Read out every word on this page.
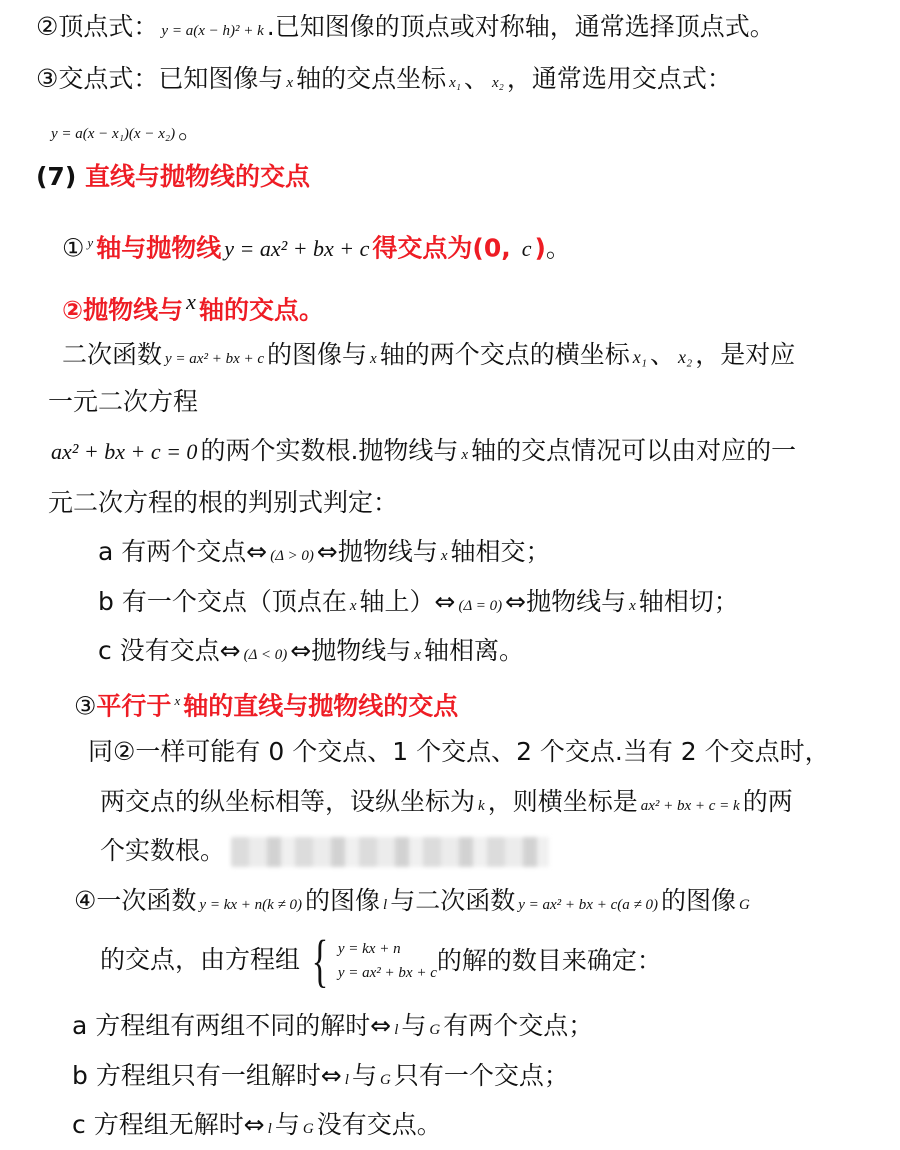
②顶点式： y = a(x − h)² + k .已知图像的顶点或对称轴，通常选择顶点式。
③交点式：已知图像与 x 轴的交点坐标 x₁ 、 x₂ ，通常选用交点式：
y = a(x − x₁)(x − x₂) 。
(7) 直线与抛物线的交点
① $^y$ 轴与抛物线 y = ax² + bx + c 得交点为(0, c )。
②抛物线与 x 轴的交点。
二次函数 y = ax² + bx + c 的图像与 x 轴的两个交点的横坐标 x₁ 、 x₂ ，是对应
一元二次方程
ax² + bx + c = 0 的两个实数根.抛物线与 x 轴的交点情况可以由对应的一
元二次方程的根的判别式判定：
a 有两个交点⇔ (Δ > 0) ⇔抛物线与 x 轴相交；
b 有一个交点（顶点在 x 轴上）⇔ (Δ = 0) ⇔抛物线与 x 轴相切；
c 没有交点⇔ (Δ < 0) ⇔抛物线与 x 轴相离。
③平行于 $^x$ 轴的直线与抛物线的交点
同②一样可能有 0 个交点、1 个交点、2 个交点.当有 2 个交点时，
两交点的纵坐标相等，设纵坐标为 k ，则横坐标是 ax² + bx + c = k 的两
个实数根。
④一次函数 y = kx + n(k ≠ 0) 的图像 l 与二次函数 y = ax² + bx + c(a ≠ 0) 的图像 G
的交点，由方程组 { y = kx + n
y = ax² + bx + c 的解的数目来确定：
a 方程组有两组不同的解时⇔ l 与 G 有两个交点；
b 方程组只有一组解时⇔ l 与 G 只有一个交点；
c 方程组无解时⇔ l 与 G 没有交点。
